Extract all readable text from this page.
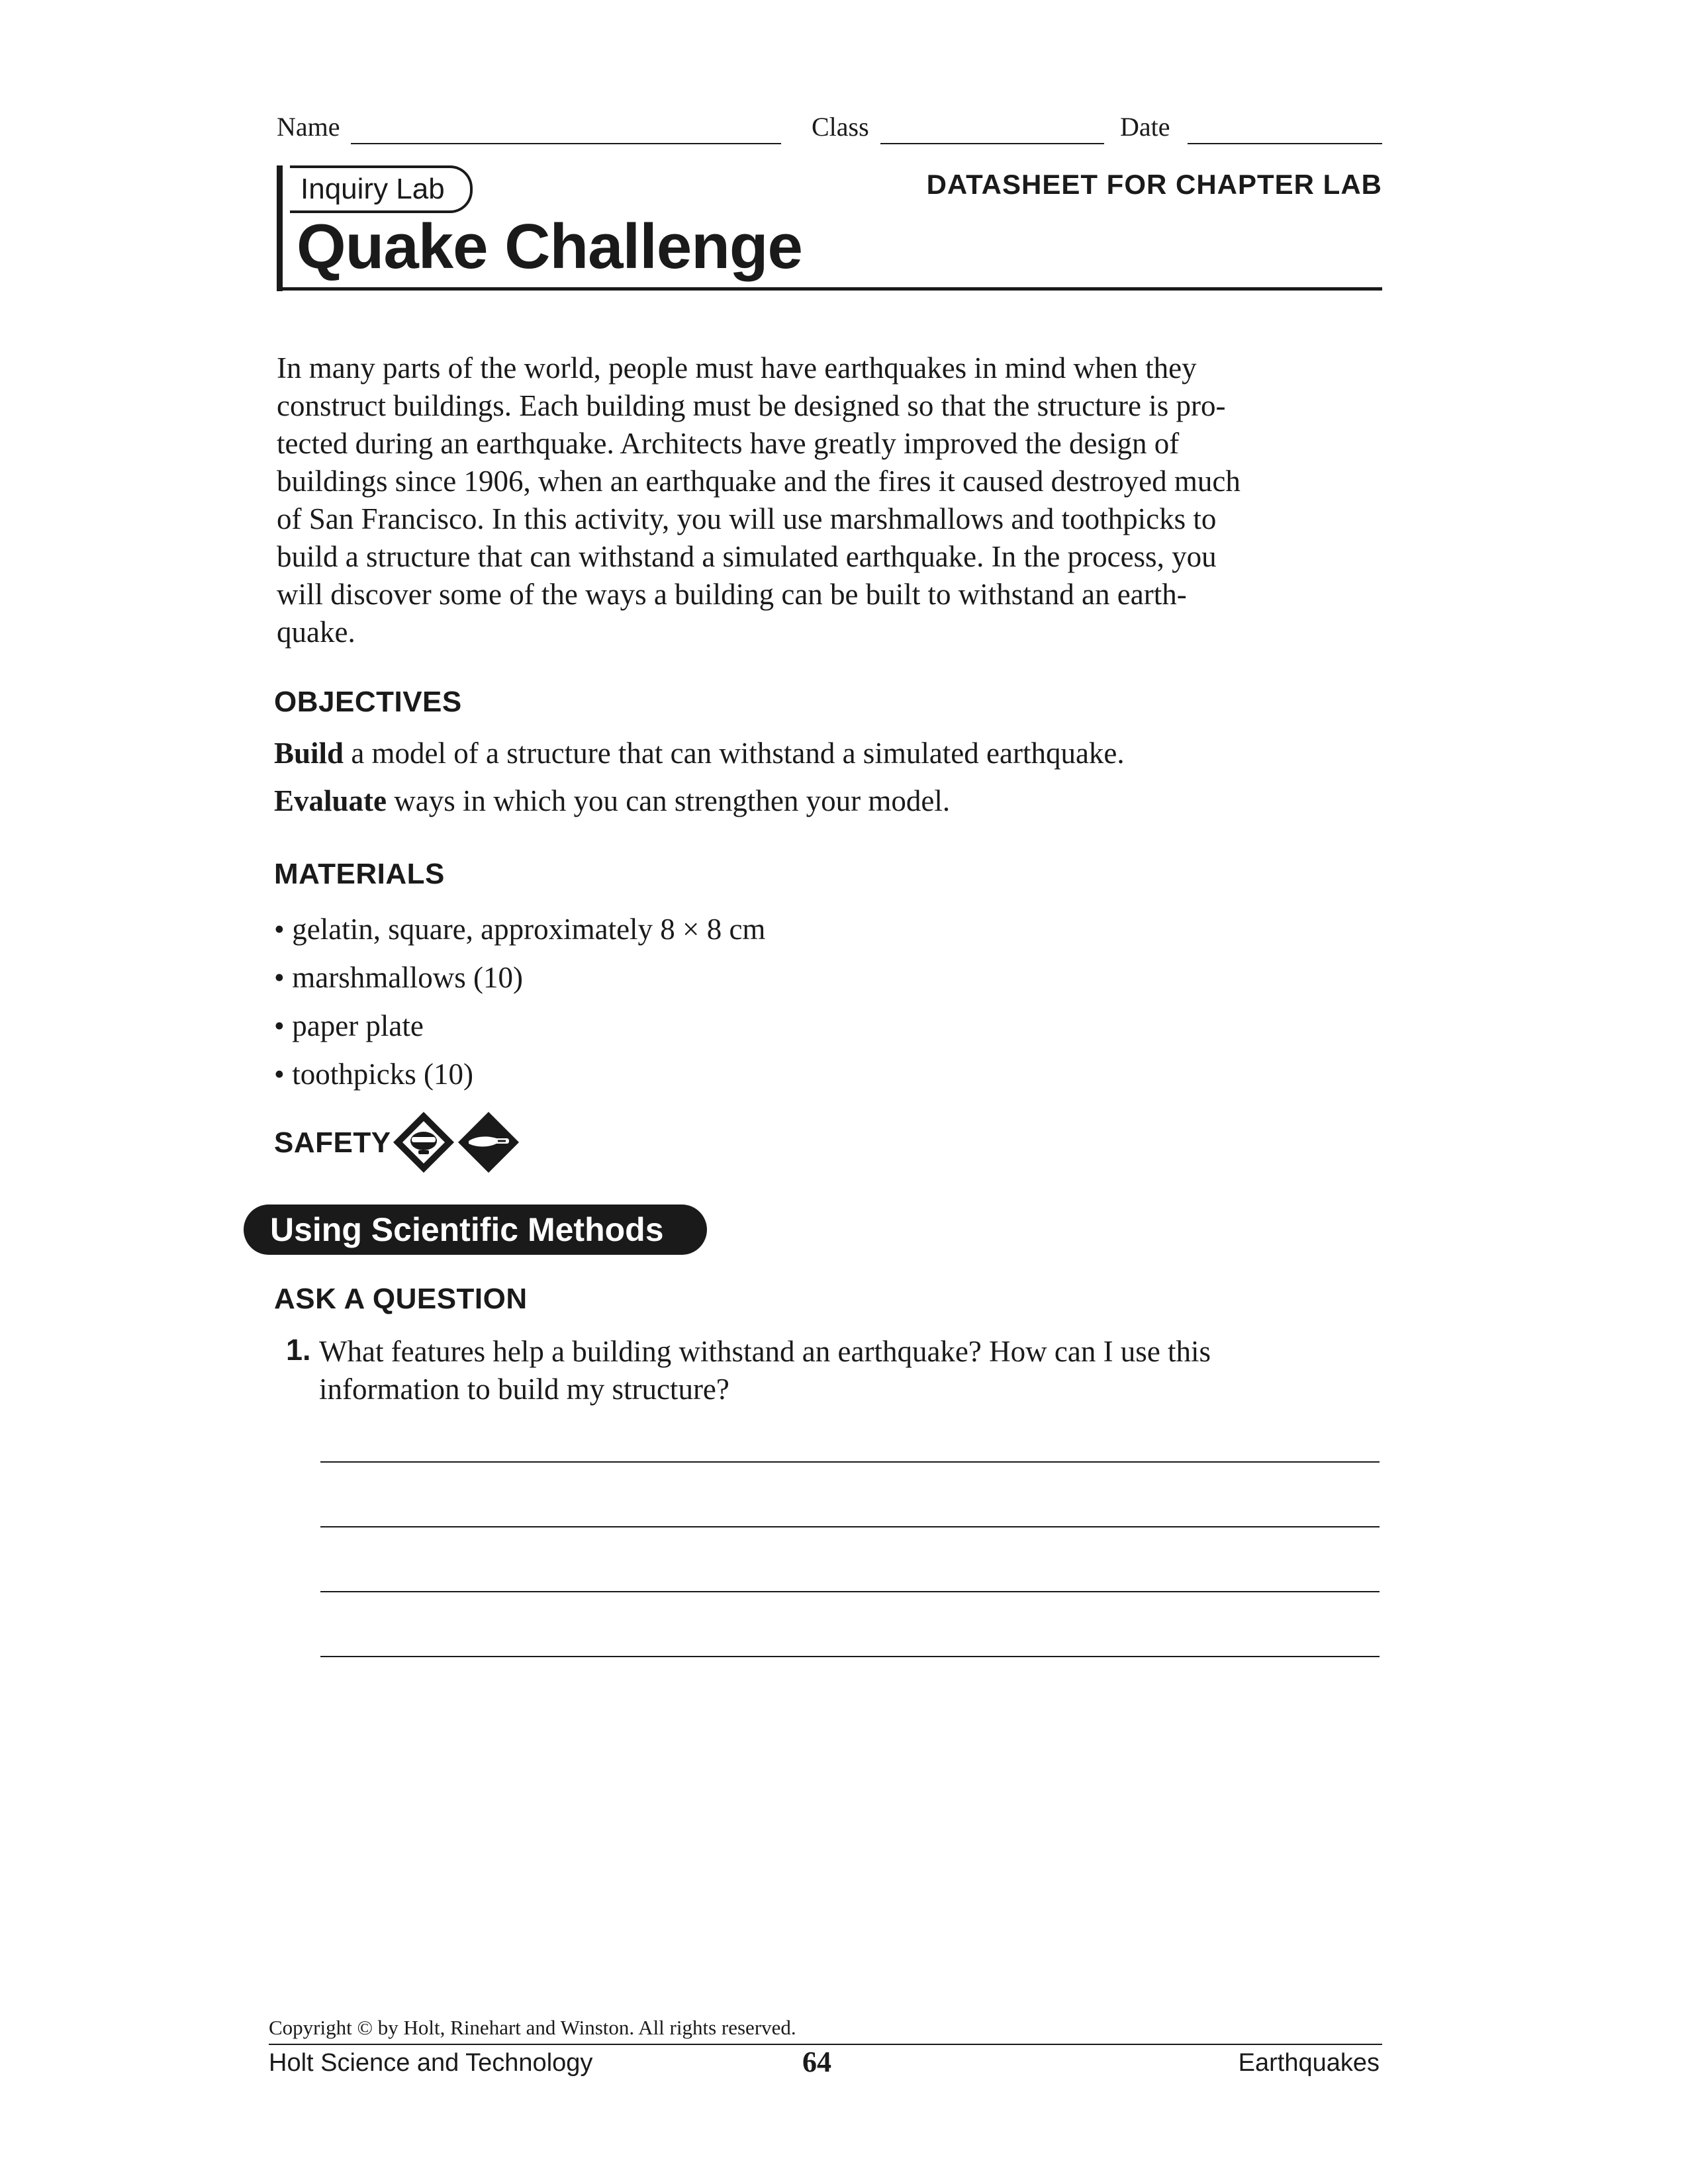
Name	Class	Date
Inquiry Lab	DATASHEET FOR CHAPTER LAB
Quake Challenge

In many parts of the world, people must have earthquakes in mind when they
construct buildings. Each building must be designed so that the structure is pro-
tected during an earthquake. Architects have greatly improved the design of
buildings since 1906, when an earthquake and the fires it caused destroyed much
of San Francisco. In this activity, you will use marshmallows and toothpicks to
build a structure that can withstand a simulated earthquake. In the process, you
will discover some of the ways a building can be built to withstand an earth-
quake.

OBJECTIVES
Build a model of a structure that can withstand a simulated earthquake.
Evaluate ways in which you can strengthen your model.
MATERIALS
• gelatin, square, approximately 8 × 8 cm
• marshmallows (10)
• paper plate
• toothpicks (10)
SAFETY
Using Scientific Methods
ASK A QUESTION
1. What features help a building withstand an earthquake? How can I use this
information to build my structure?

Copyright © by Holt, Rinehart and Winston. All rights reserved.
Holt Science and Technology	64	Earthquakes
